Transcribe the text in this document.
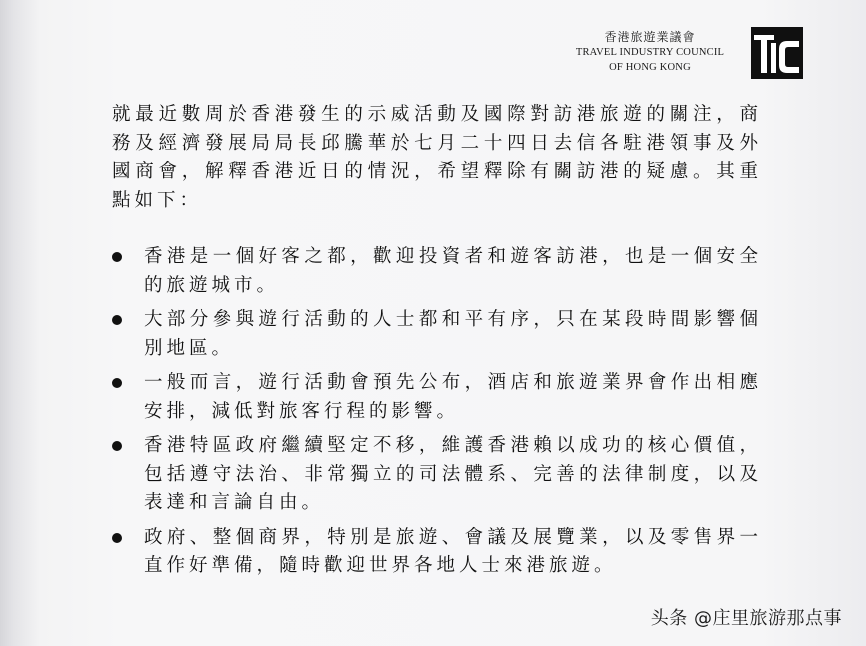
香港旅遊業議會
TRAVEL INDUSTRY COUNCIL
OF HONG KONG

就最近數周於香港發生的示威活動及國際對訪港旅遊的關注，商務及經濟發展局局長邱騰華於七月二十四日去信各駐港領事及外國商會，解釋香港近日的情況，希望釋除有關訪港的疑慮。其重點如下：

香港是一個好客之都，歡迎投資者和遊客訪港，也是一個安全的旅遊城市。
大部分參與遊行活動的人士都和平有序，只在某段時間影響個別地區。
一般而言，遊行活動會預先公布，酒店和旅遊業界會作出相應安排，減低對旅客行程的影響。
香港特區政府繼續堅定不移，維護香港賴以成功的核心價值，包括遵守法治、非常獨立的司法體系、完善的法律制度，以及表達和言論自由。
政府、整個商界，特別是旅遊、會議及展覽業，以及零售界一直作好準備，隨時歡迎世界各地人士來港旅遊。
头条 @庄里旅游那点事
